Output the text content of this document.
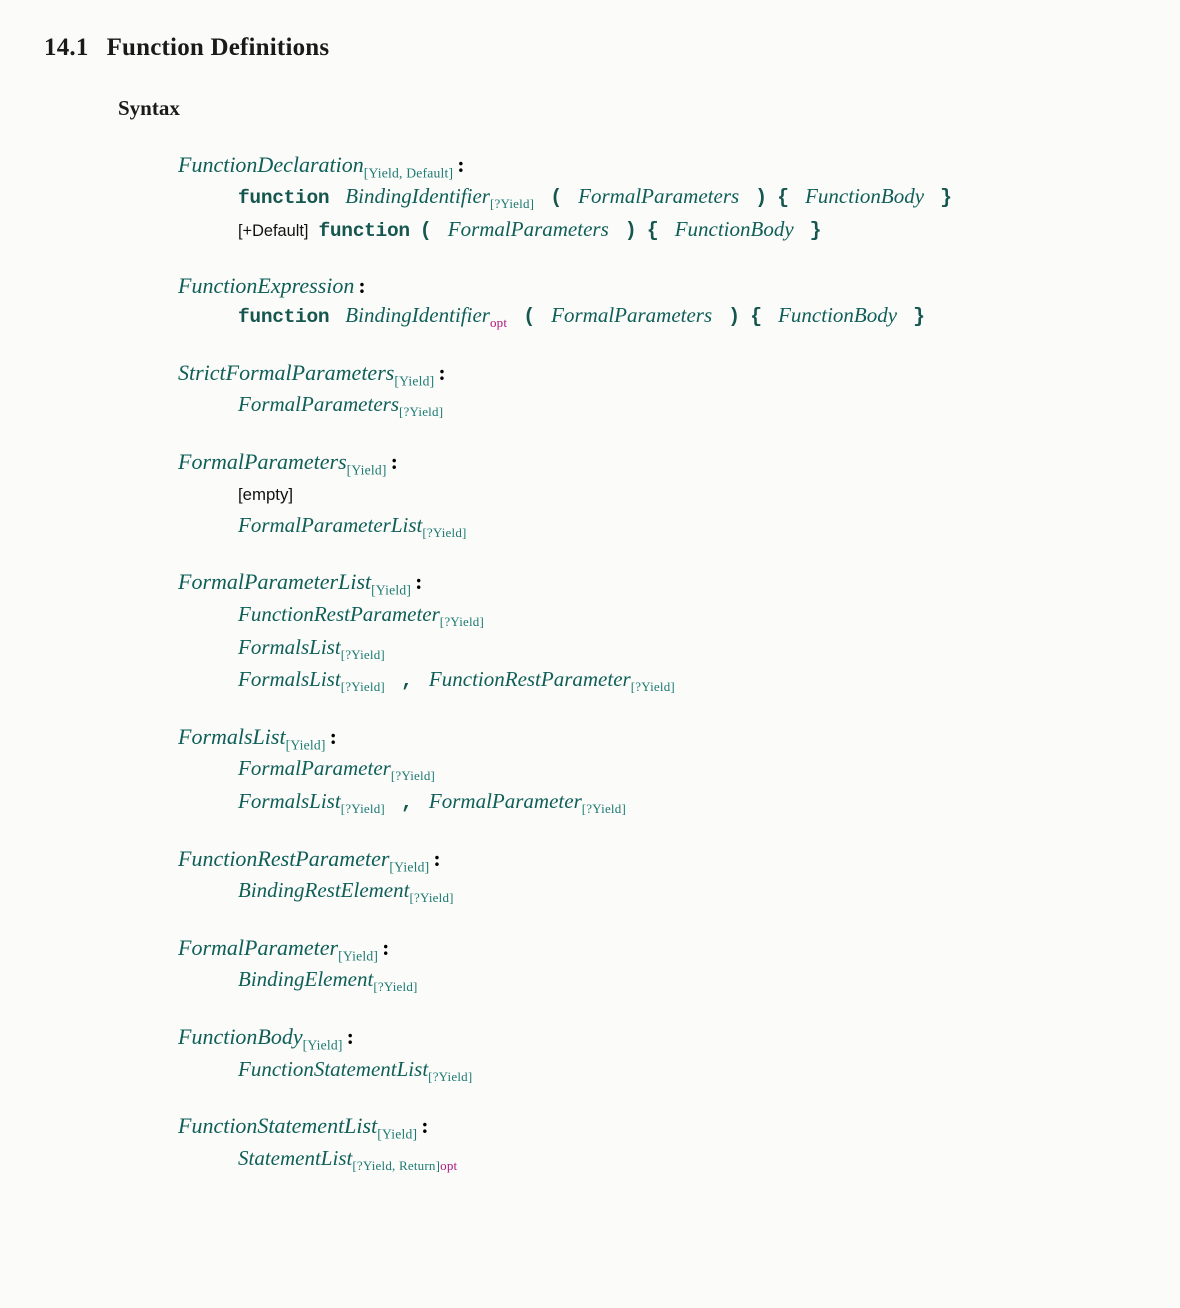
14.1 Function Definitions
Syntax
FunctionDeclaration$_{[Yield, Default]}$ :
function BindingIdentifier$_{[?Yield]}$ ( FormalParameters ) { FunctionBody }
[+Default] function ( FormalParameters ) { FunctionBody }
FunctionExpression :
function BindingIdentifier$_{opt}$ ( FormalParameters ) { FunctionBody }
StrictFormalParameters$_{[Yield]}$ :
FormalParameters$_{[?Yield]}$
FormalParameters$_{[Yield]}$ :
[empty]
FormalParameterList$_{[?Yield]}$
FormalParameterList$_{[Yield]}$ :
FunctionRestParameter$_{[?Yield]}$
FormalsList$_{[?Yield]}$
FormalsList$_{[?Yield]}$ , FunctionRestParameter$_{[?Yield]}$
FormalsList$_{[Yield]}$ :
FormalParameter$_{[?Yield]}$
FormalsList$_{[?Yield]}$ , FormalParameter$_{[?Yield]}$
FunctionRestParameter$_{[Yield]}$ :
BindingRestElement$_{[?Yield]}$
FormalParameter$_{[Yield]}$ :
BindingElement$_{[?Yield]}$
FunctionBody$_{[Yield]}$ :
FunctionStatementList$_{[?Yield]}$
FunctionStatementList$_{[Yield]}$ :
StatementList$_{[?Yield, Return]opt}$
